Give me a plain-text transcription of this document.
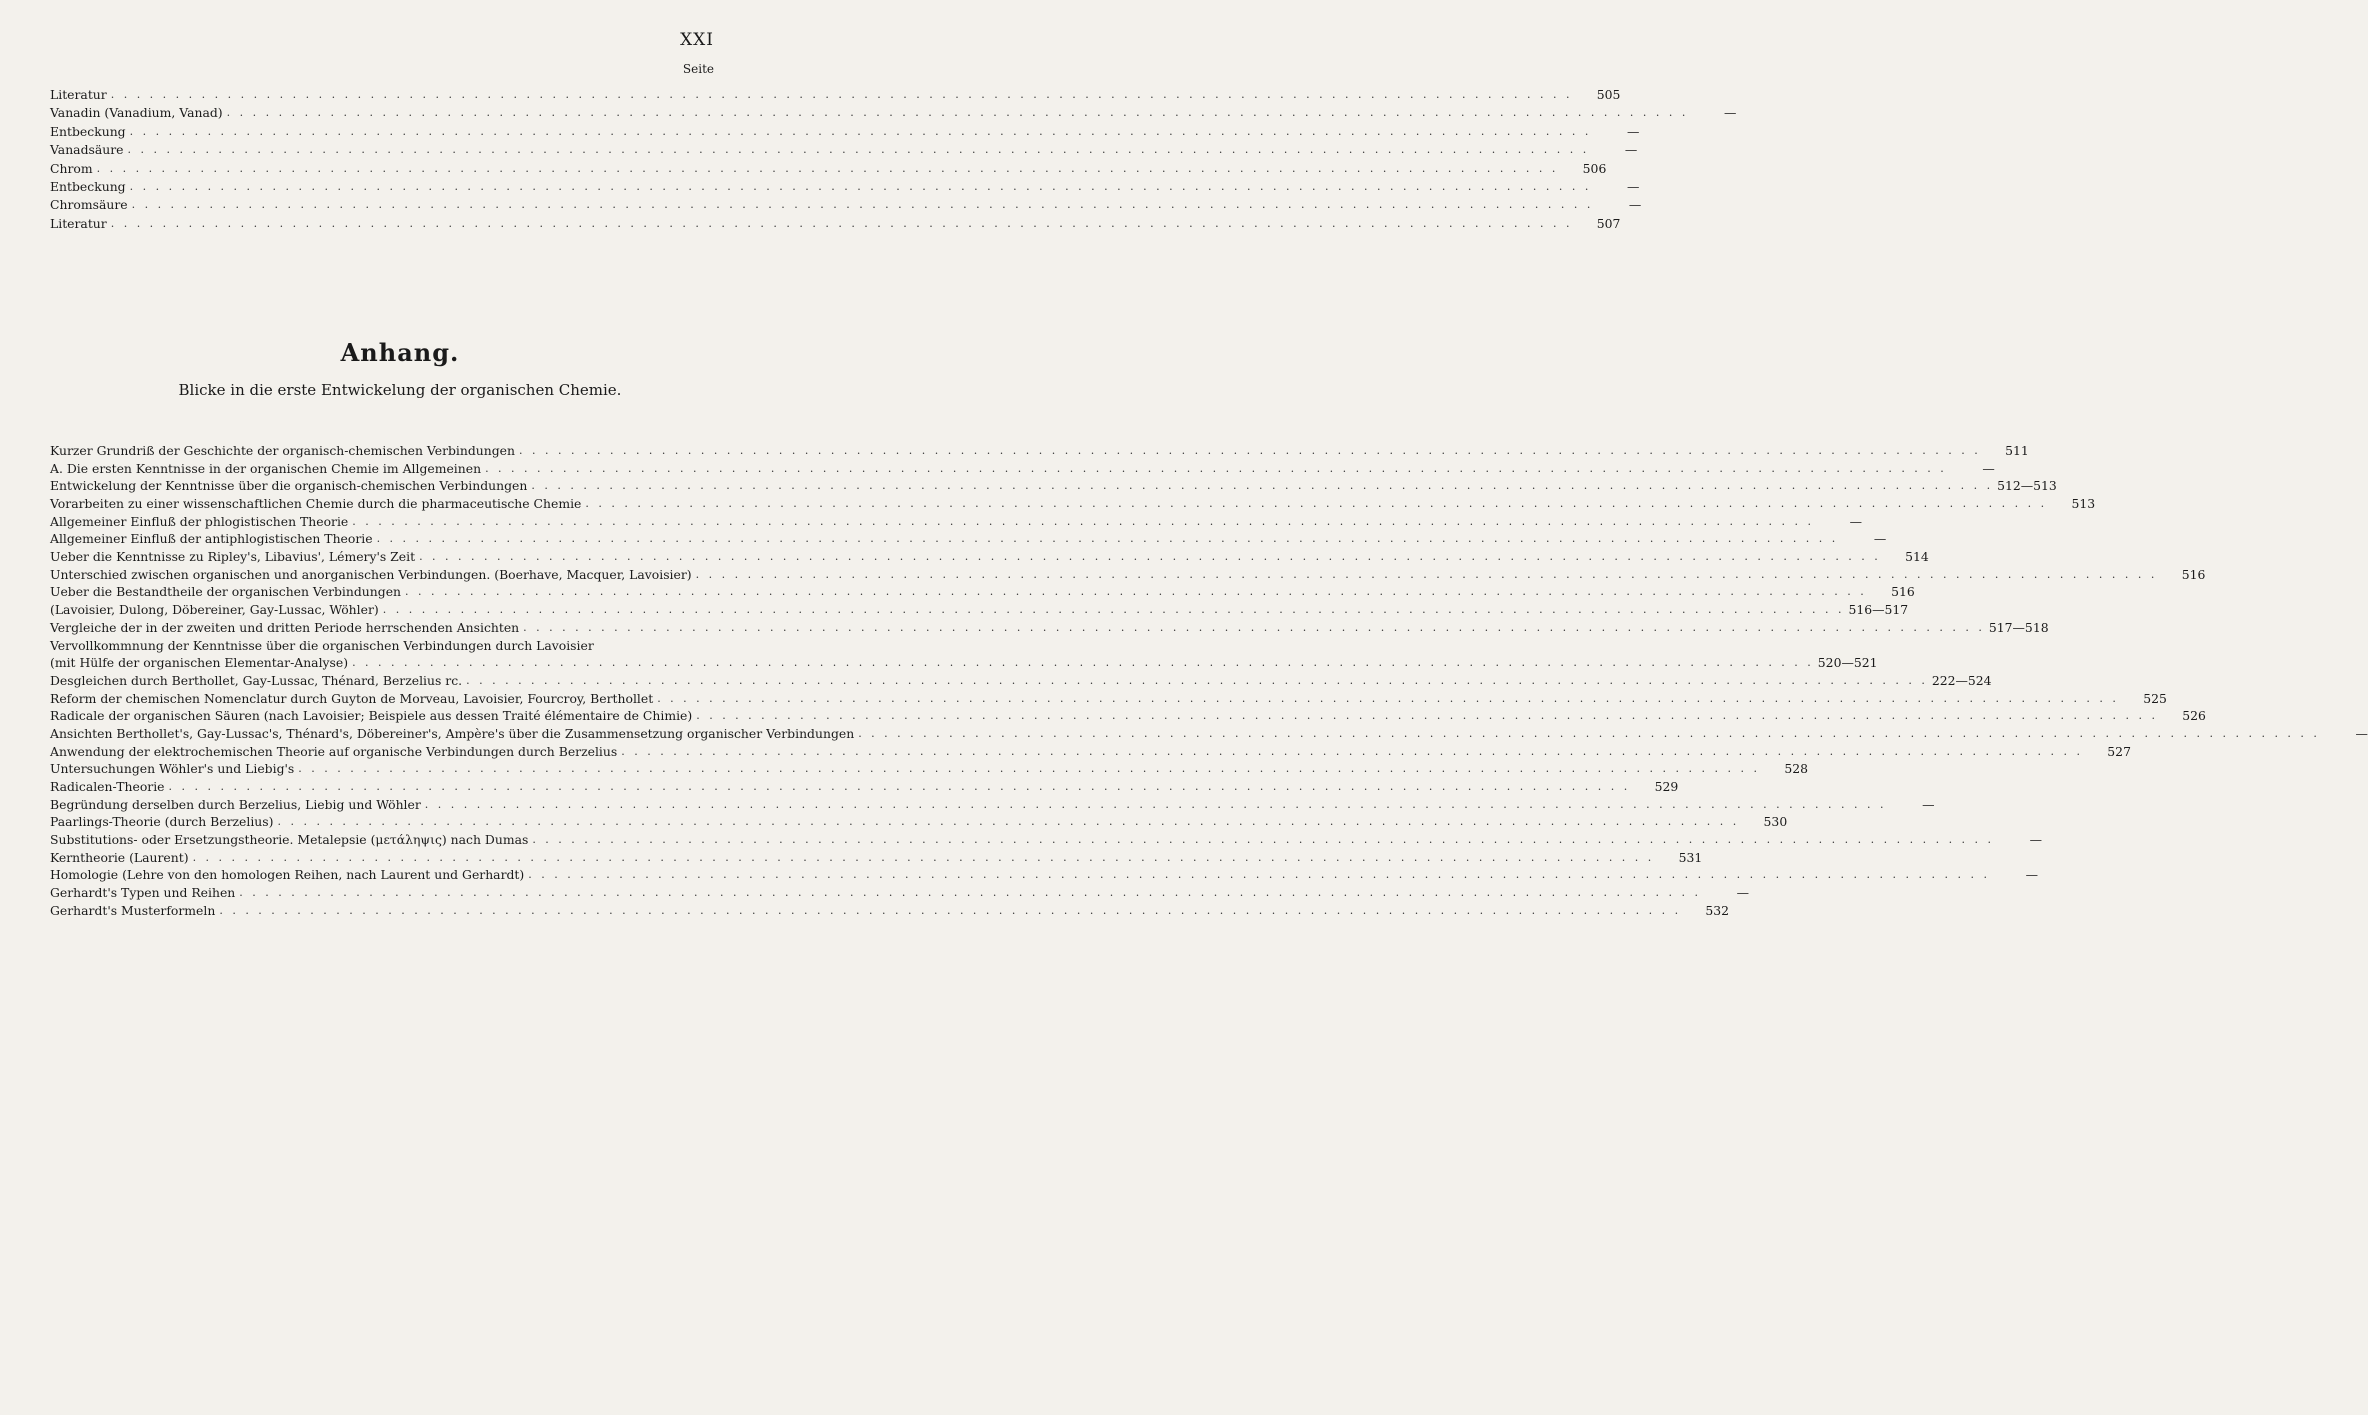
XXI
Seite
Literatur . . .	505
Vanadin (Vanadium, Vanad) . . .	—
Entbeckung . . .	—
Vanadsäure . . .	—
Chrom . . .	506
Entbeckung . . .	—
Chromsäure . . .	—
Literatur . . .	507
Anhang.
Blicke in die erste Entwickelung der organischen Chemie.
Kurzer Grundriß der Geschichte der organisch-chemischen Verbindungen . . .	511
A. Die ersten Kenntnisse in der organischen Chemie im Allgemeinen . . .	—
Entwickelung der Kenntnisse über die organisch-chemischen Verbindungen . . .	512—513
Vorarbeiten zu einer wissenschaftlichen Chemie durch die pharmaceutische Chemie . . .	513
Allgemeiner Einfluß der phlogistischen Theorie . . .	—
Allgemeiner Einfluß der antiphlogistischen Theorie . . .	—
Ueber die Kenntnisse zu Ripley's, Libavius', Lémery's Zeit . . .	514
Unterschied zwischen organischen und anorganischen Verbindungen. (Boerhave, Macquer, Lavoisier) . . .	516
Ueber die Bestandtheile der organischen Verbindungen . . .	516
(Lavoisier, Dulong, Döbereiner, Gay-Lussac, Wöhler) . . .	516—517
Vergleiche der in der zweiten und dritten Periode herrschenden Ansichten . . .	517—518
Vervollkommnung der Kenntnisse über die organischen Verbindungen durch Lavoisier
(mit Hülfe der organischen Elementar-Analyse) . . .	520—521
Desgleichen durch Berthollet, Gay-Lussac, Thénard, Berzelius rc. . . .	222—524
Reform der chemischen Nomenclatur durch Guyton de Morveau, Lavoisier, Fourcroy, Berthollet . . .	525
Radicale der organischen Säuren (nach Lavoisier; Beispiele aus dessen Traité élémentaire de Chimie) . . .	526
Ansichten Berthollet's, Gay-Lussac's, Thénard's, Döbereiner's, Ampère's über die Zusammensetzung organischer Verbindungen . . .	—
Anwendung der elektrochemischen Theorie auf organische Verbindungen durch Berzelius . . .	527
Untersuchungen Wöhler's und Liebig's . . .	528
Radicalen-Theorie . . .	529
Begründung derselben durch Berzelius, Liebig und Wöhler . . .	—
Paarlings-Theorie (durch Berzelius) . . .	530
Substitutions- oder Ersetzungstheorie. Metalepsie (μετάληψις) nach Dumas . . .	—
Kerntheorie (Laurent) . . .	531
Homologie (Lehre von den homologen Reihen, nach Laurent und Gerhardt) . . .	—
Gerhardt's Typen und Reihen . . .	—
Gerhardt's Musterformeln . . .	532
